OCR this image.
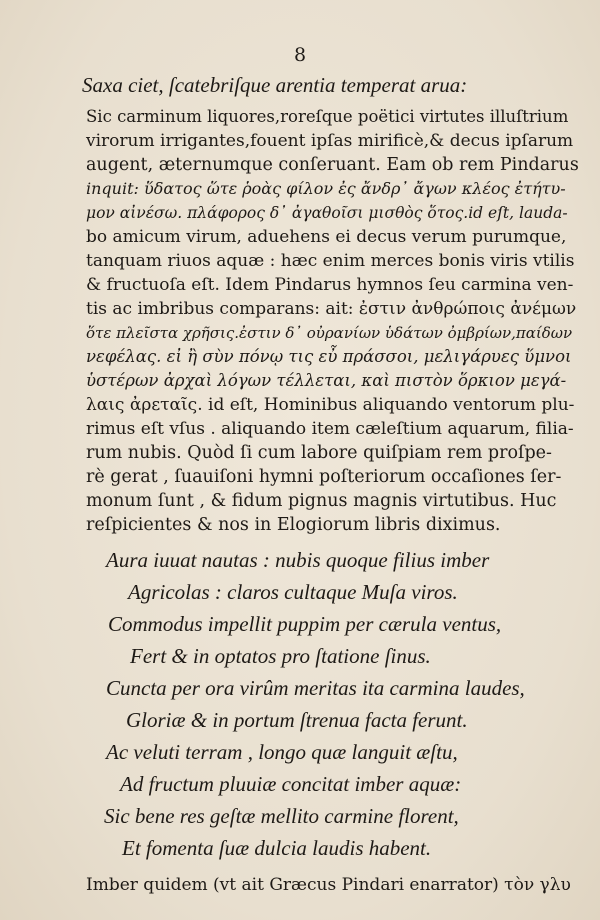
8
Saxa ciet, ſcatebriſque arentia temperat arua:
Sic carminum liquores,roreſque poëtici virtutes illuſtrium
virorum irrigantes,fouent ipſas mirificè,& decus ipſarum
augent, æternumque conſeruant. Eam ob rem Pindarus
inquit: ὕδατος ὥτε ῥοὰς φίλον ἐς ἄνδρ᾽ ἄγων κλέος ἐτήτυ-
μον αἰνέσω. πλάφορος δ᾽ ἀγαθοῖσι μισθὸς ὅτος.id eſt, lauda-
bo amicum virum, aduehens ei decus verum purumque,
tanquam riuos aquæ : hæc enim merces bonis viris vtilis
& fructuoſa eſt. Idem Pindarus hymnos ſeu carmina ven-
tis ac imbribus comparans: ait: ἐστιν ἀνθρώποις ἀνέμων
ὅτε πλεῖστα χρῆσις.ἐστιν δ᾽ οὐρανίων ὑδάτων ὀμβρίων,παίδων
νεφέλας. εἰ ἢ σὺν πόνῳ τις εὖ πράσσοι, μελιγάρυες ὕμνοι
ὑστέρων ἀρχαὶ λόγων τέλλεται, καὶ πιστὸν ὅρκιον μεγά-
λαις ἀρεταῖς. id eſt, Hominibus aliquando ventorum plu-
rimus eſt vſus . aliquando item cæleſtium aquarum, filia-
rum nubis. Quòd ſi cum labore quiſpiam rem proſpe-
rè gerat , ſuauiſoni hymni poſteriorum occaſiones ſer-
monum ſunt , & fidum pignus magnis virtutibus. Huc
reſpicientes & nos in Elogiorum libris diximus.
Aura iuuat nautas : nubis quoque filius imber
Agricolas : claros cultaque Muſa viros.
Commodus impellit puppim per cærula ventus,
Fert & in optatos pro ſtatione ſinus.
Cuncta per ora virûm meritas ita carmina laudes,
Gloriæ & in portum ſtrenua facta ferunt.
Ac veluti terram , longo quæ languit æſtu,
Ad fructum pluuiæ concitat imber aquæ:
Sic bene res geſtæ mellito carmine florent,
Et fomenta ſuæ dulcia laudis habent.
Imber quidem (vt ait Græcus Pindari enarrator) τὸν γλυ
